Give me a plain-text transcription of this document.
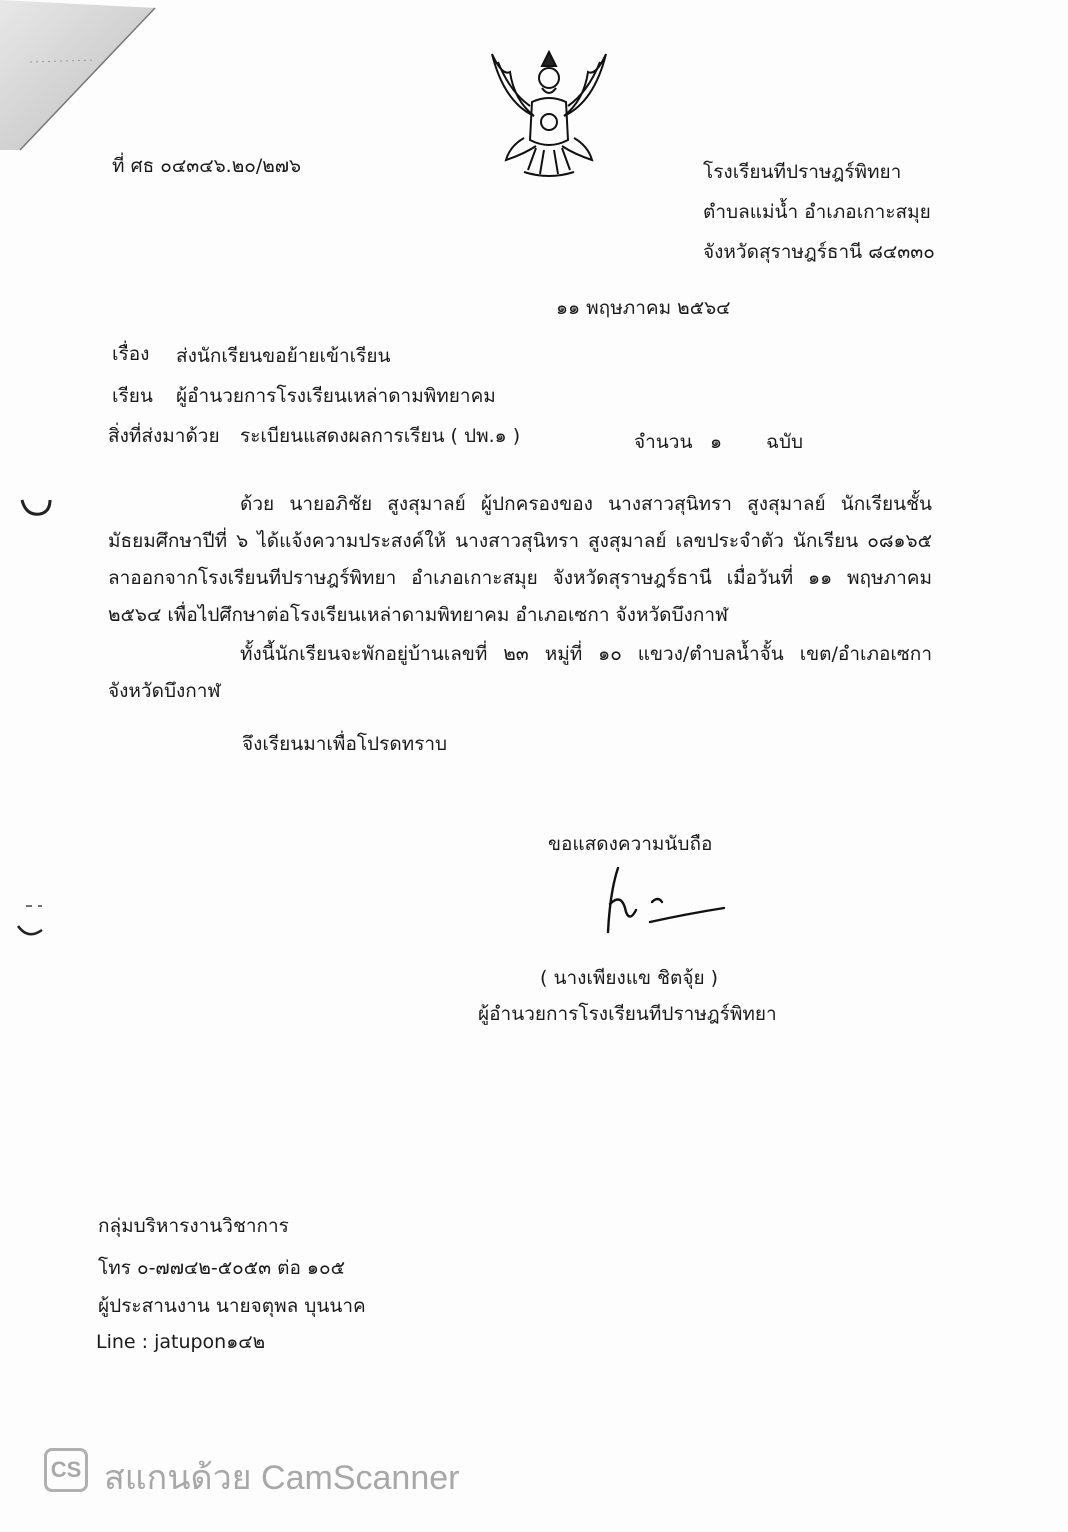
ที่ ศธ ๐๔๓๔๖.๒๐/๒๗๖	โรงเรียนทีปราษฎร์พิทยา
ตำบลแม่น้ำ อำเภอเกาะสมุย
จังหวัดสุราษฎร์ธานี ๘๔๓๓๐
๑๑ พฤษภาคม ๒๕๖๔
เรื่อง ส่งนักเรียนขอย้ายเข้าเรียน
เรียน ผู้อำนวยการโรงเรียนเหล่าดามพิทยาคม
สิ่งที่ส่งมาด้วย ระเบียนแสดงผลการเรียน ( ปพ.๑ )	จำนวน ๑ ฉบับ

ด้วย นายอภิชัย สูงสุมาลย์ ผู้ปกครองของ นางสาวสุนิทรา สูงสุมาลย์ นักเรียนชั้นมัธยมศึกษาปีที่ ๖ ได้แจ้งความประสงค์ให้ นางสาวสุนิทรา สูงสุมาลย์ เลขประจำตัว นักเรียน ๐๘๑๖๕ ลาออกจากโรงเรียนทีปราษฎร์พิทยา อำเภอเกาะสมุย จังหวัดสุราษฎร์ธานี เมื่อวันที่ ๑๑ พฤษภาคม ๒๕๖๔ เพื่อไปศึกษาต่อโรงเรียนเหล่าดามพิทยาคม อำเภอเซกา จังหวัดบึงกาฬ

ทั้งนี้นักเรียนจะพักอยู่บ้านเลขที่ ๒๓ หมู่ที่ ๑๐ แขวง/ตำบลน้ำจั้น เขต/อำเภอเซกา จังหวัดบึงกาฬ

จึงเรียนมาเพื่อโปรดทราบ
ขอแสดงความนับถือ
( นางเพียงแข ชิตจุ้ย )
ผู้อำนวยการโรงเรียนทีปราษฎร์พิทยา
กลุ่มบริหารงานวิชาการ
โทร ๐-๗๗๔๒-๕๐๕๓ ต่อ ๑๐๕
ผู้ประสานงาน นายจตุพล บุนนาค
Line : jatupon๑๔๒
CS สแกนด้วย CamScanner
